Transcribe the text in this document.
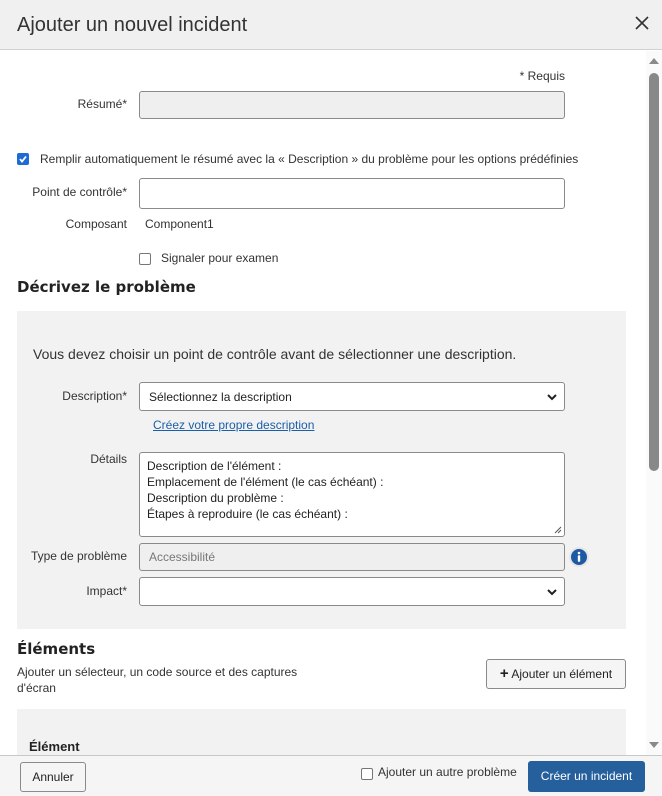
Ajouter un nouvel incident
* Requis
Résumé*
Remplir automatiquement le résumé avec la « Description » du problème pour les options prédéfinies
Point de contrôle*
Composant Component1
Signaler pour examen
Décrivez le problème
Vous devez choisir un point de contrôle avant de sélectionner une description.
Description* Sélectionnez la description
Créez votre propre description
Détails Description de l'élément :
Emplacement de l'élément (le cas échéant) :
Description du problème :
Étapes à reproduire (le cas échéant) :
Type de problème Accessibilité
Impact*
Éléments
Ajouter un sélecteur, un code source et des captures
d'écran
+ Ajouter un élément
Élément
Annuler	Ajouter un autre problème	Créer un incident
